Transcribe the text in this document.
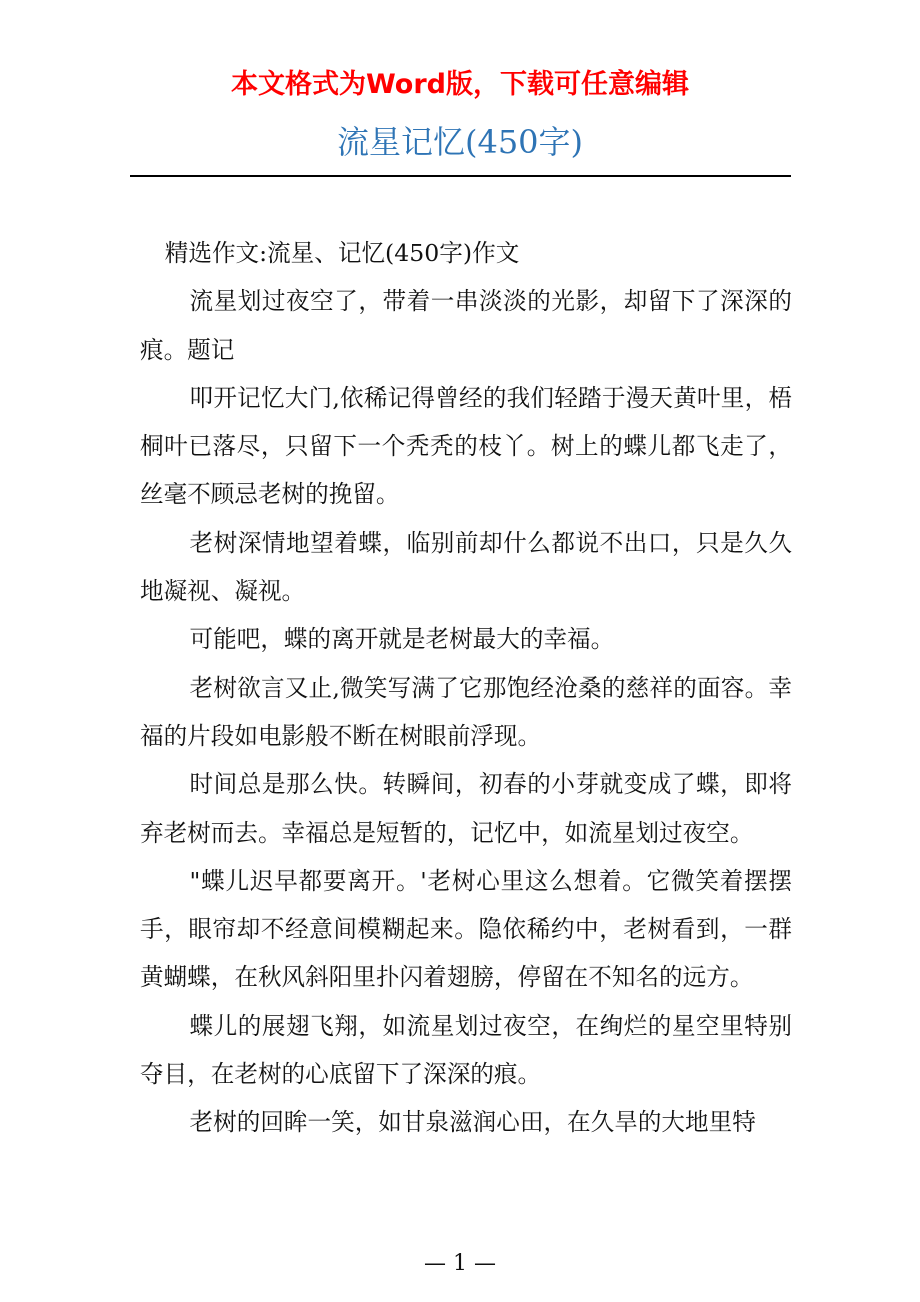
本文格式为Word版，下载可任意编辑
流星记忆(450字)

精选作文:流星、记忆(450字)作文

流星划过夜空了，带着一串淡淡的光影，却留下了深深的痕。题记

叩开记忆大门,依稀记得曾经的我们轻踏于漫天黄叶里，梧桐叶已落尽，只留下一个秃秃的枝丫。树上的蝶儿都飞走了，丝毫不顾忌老树的挽留。

老树深情地望着蝶，临别前却什么都说不出口，只是久久地凝视、凝视。

可能吧，蝶的离开就是老树最大的幸福。

老树欲言又止,微笑写满了它那饱经沧桑的慈祥的面容。幸福的片段如电影般不断在树眼前浮现。

时间总是那么快。转瞬间，初春的小芽就变成了蝶，即将弃老树而去。幸福总是短暂的，记忆中，如流星划过夜空。

"蝶儿迟早都要离开。'老树心里这么想着。它微笑着摆摆手，眼帘却不经意间模糊起来。隐依稀约中，老树看到，一群黄蝴蝶，在秋风斜阳里扑闪着翅膀，停留在不知名的远方。

蝶儿的展翅飞翔，如流星划过夜空，在绚烂的星空里特别夺目，在老树的心底留下了深深的痕。

老树的回眸一笑，如甘泉滋润心田，在久旱的大地里特

— 1 —
